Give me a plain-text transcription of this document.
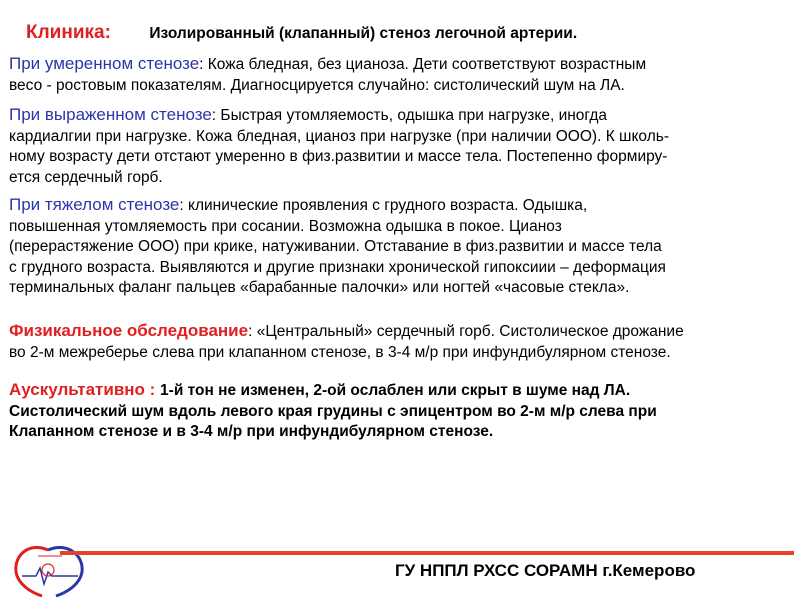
Клиника: Изолированный (клапанный) стеноз легочной артерии.
При умеренном стенозе: Кожа бледная, без цианоза. Дети соответствуют возрастным
весо - ростовым показателям. Диагносцируется случайно: систолический шум на ЛА.
При выраженном стенозе: Быстрая утомляемость, одышка при нагрузке, иногда
кардиалгии при нагрузке. Кожа бледная, цианоз при нагрузке (при наличии ООО). К школь-
ному возрасту дети отстают умеренно в физ.развитии и массе тела. Постепенно формиру-
ется сердечный горб.
При тяжелом стенозе: клинические проявления с грудного возраста. Одышка,
повышенная утомляемость при сосании. Возможна одышка в покое. Цианоз
(перерастяжение ООО) при крике, натуживании. Отставание в физ.развитии и массе тела
с грудного возраста. Выявляются и другие признаки хронической гипоксиии – деформация
терминальных фаланг пальцев «барабанные палочки» или ногтей «часовые стекла».
Физикальное обследование: «Центральный» сердечный горб. Систолическое дрожание
во 2-м межреберье слева при клапанном стенозе, в 3-4 м/р при инфундибулярном стенозе.
Аускультативно : 1-й тон не изменен, 2-ой ослаблен или скрыт в шуме над ЛА.
Систолический шум вдоль левого края грудины с эпицентром во 2-м м/р слева при
Клапанном стенозе и в 3-4 м/р при инфундибулярном стенозе.
ГУ НППЛ РХСС СОРАМН г.Кемерово
